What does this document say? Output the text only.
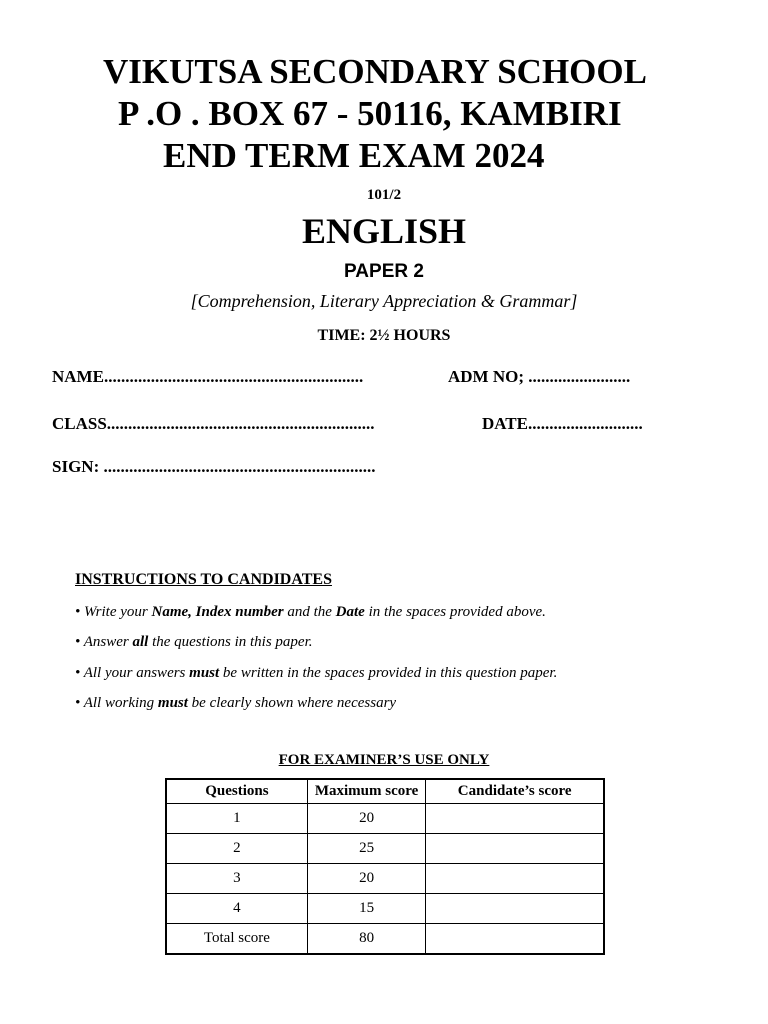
VIKUTSA SECONDARY SCHOOL
P .O . BOX 67 - 50116, KAMBIRI
END TERM EXAM 2024
101/2
ENGLISH
PAPER 2
[Comprehension, Literary Appreciation & Grammar]
TIME: 2½ HOURS
NAME.............................................................	ADM NO; ........................
CLASS...............................................................	DATE...........................
SIGN: ................................................................
INSTRUCTIONS TO CANDIDATES
• Write your Name, Index number and the Date in the spaces provided above.
• Answer all the questions in this paper.
• All your answers must be written in the spaces provided in this question paper.
• All working must be clearly shown where necessary
FOR EXAMINER’S USE ONLY
Questions	Maximum score	Candidate’s score
1	20	
2	25	
3	20	
4	15	
Total score	80	
